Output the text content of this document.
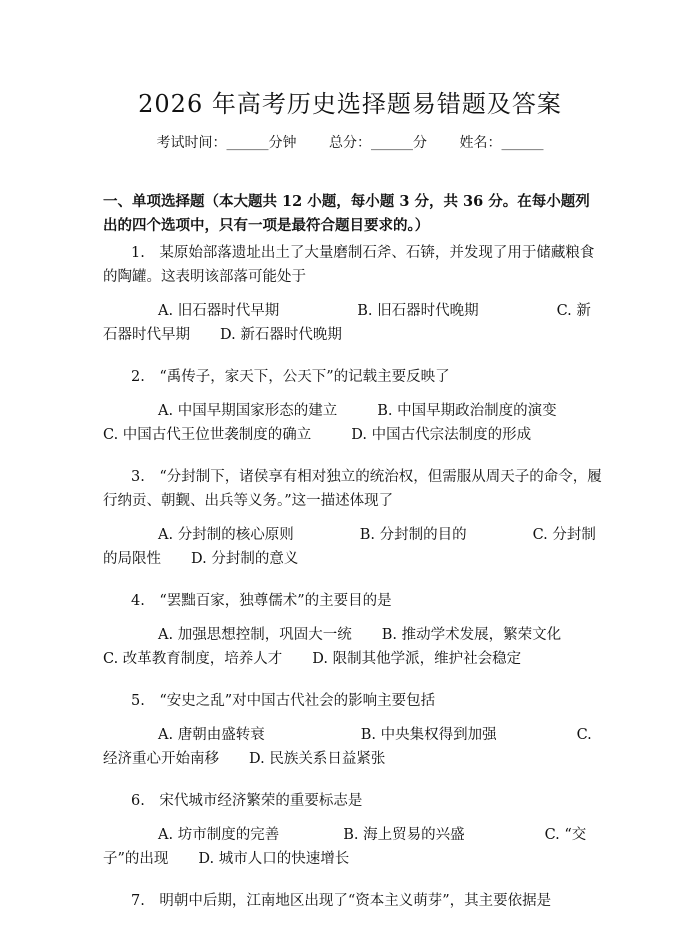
2026 年高考历史选择题易错题及答案
考试时间：______分钟 总分：______分 姓名：______
一、单项选择题（本大题共 12 小题，每小题 3 分，共 36 分。在每小题列出的四个选项中，只有一项是最符合题目要求的。）
1.　某原始部落遗址出土了大量磨制石斧、石锛，并发现了用于储藏粮食的陶罐。这表明该部落可能处于
A. 旧石器时代早期	B. 旧石器时代晚期	C. 新石器时代早期 D. 新石器时代晚期
2.　“禹传子，家天下，公天下”的记载主要反映了
A. 中国早期国家形态的建立	B. 中国早期政治制度的演变C. 中国古代王位世袭制度的确立	D. 中国古代宗法制度的形成
3.　“分封制下，诸侯享有相对独立的统治权，但需服从周天子的命令，履行纳贡、朝觐、出兵等义务。”这一描述体现了
A. 分封制的核心原则	B. 分封制的目的	C. 分封制的局限性 D. 分封制的意义
4.　“罢黜百家，独尊儒术”的主要目的是
A. 加强思想控制，巩固大一统 B. 推动学术发展，繁荣文化C. 改革教育制度，培养人才 D. 限制其他学派，维护社会稳定
5.　“安史之乱”对中国古代社会的影响主要包括
A. 唐朝由盛转衰	B. 中央集权得到加强	C. 经济重心开始南移 D. 民族关系日益紧张
6.　宋代城市经济繁荣的重要标志是
A. 坊市制度的完善	B. 海上贸易的兴盛	C. “交子”的出现 D. 城市人口的快速增长
7.　明朝中后期，江南地区出现了“资本主义萌芽”，其主要依据是
